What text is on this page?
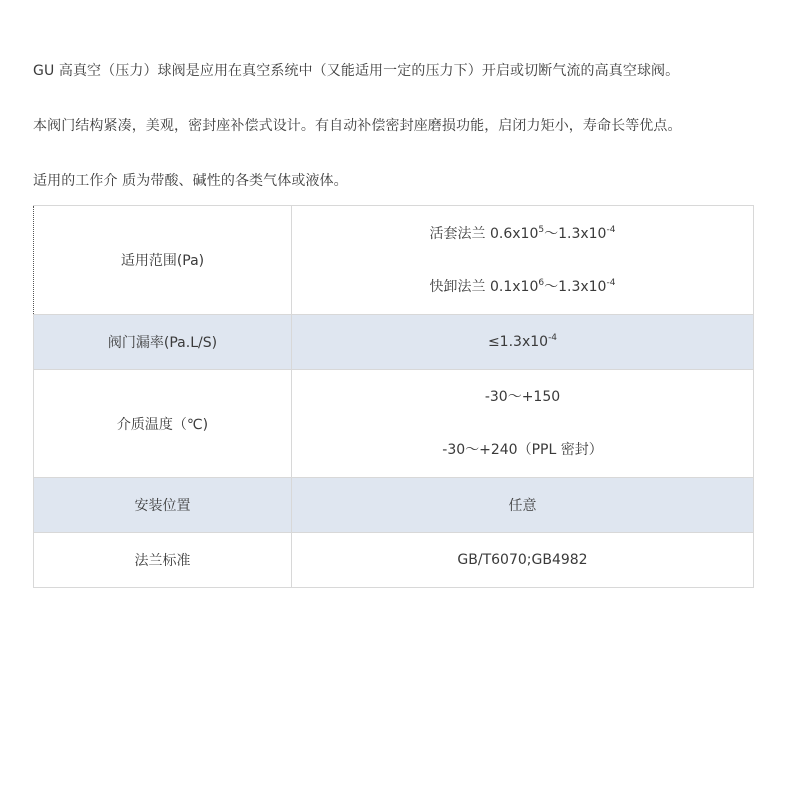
GU 高真空（压力）球阀是应用在真空系统中（又能适用一定的压力下）开启或切断气流的高真空球阀。
本阀门结构紧凑，美观，密封座补偿式设计。有自动补偿密封座磨损功能，启闭力矩小，寿命长等优点。
适用的工作介 质为带酸、碱性的各类气体或液体。
适用范围(Pa)	活套法兰 $0.6x10^5\sim 1.3x10^{-4}$
快卸法兰 $0.1x10^6\sim 1.3x10^{-4}$

阀门漏率(Pa.L/S)	$\le 1.3x10^{-4}$
介质温度（℃)	-30～+150
-30～+240（PPL 密封）

安装位置	任意
法兰标准	GB/T6070;GB4982
